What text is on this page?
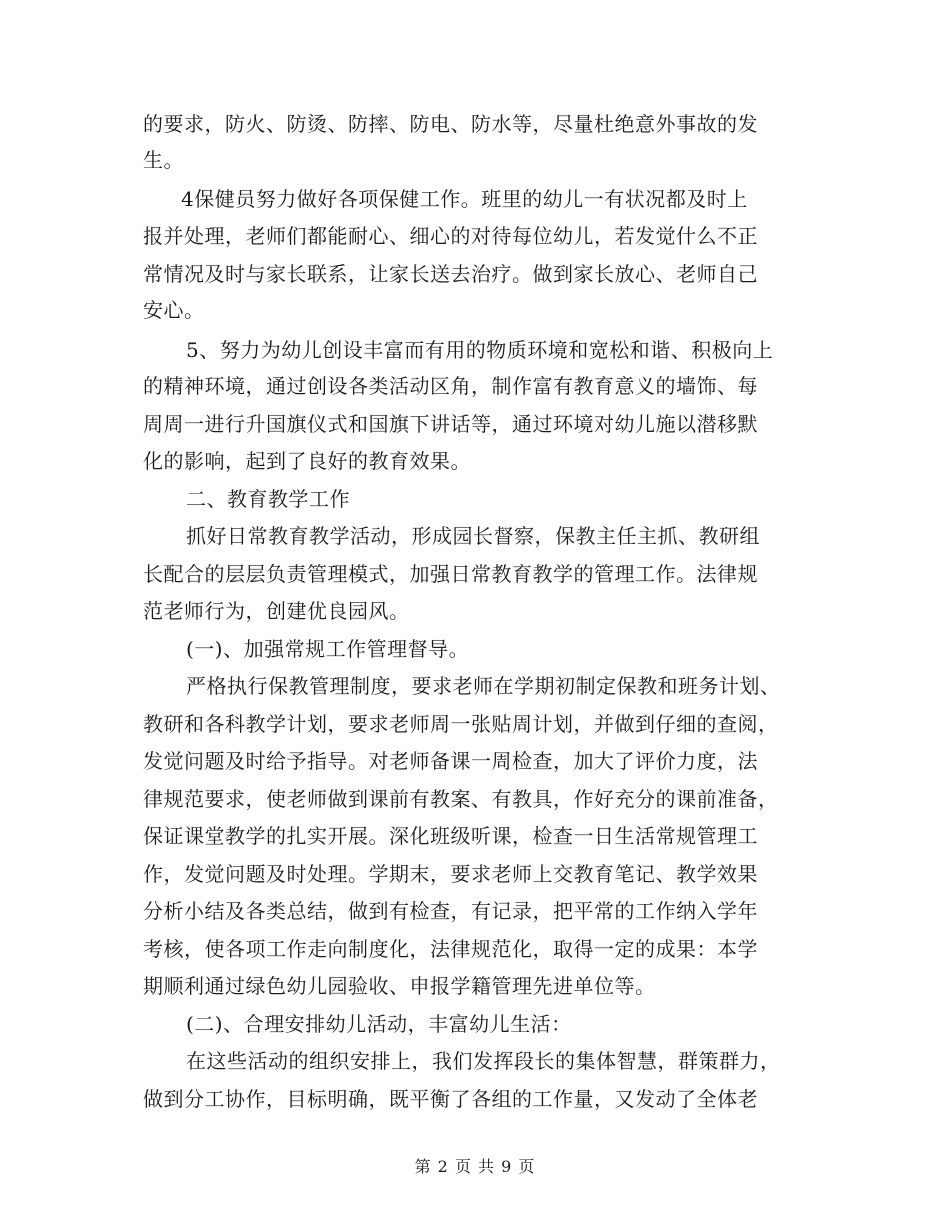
的要求，防火、防烫、防摔、防电、防水等，尽量杜绝意外事故的发
生。
4保健员努力做好各项保健工作。班里的幼儿一有状况都及时上
报并处理，老师们都能耐心、细心的对待每位幼儿，若发觉什么不正
常情况及时与家长联系，让家长送去治疗。做到家长放心、老师自己
安心。
5、努力为幼儿创设丰富而有用的物质环境和宽松和谐、积极向上
的精神环境，通过创设各类活动区角，制作富有教育意义的墙饰、每
周周一进行升国旗仪式和国旗下讲话等，通过环境对幼儿施以潜移默
化的影响，起到了良好的教育效果。
二、教育教学工作
抓好日常教育教学活动，形成园长督察，保教主任主抓、教研组
长配合的层层负责管理模式，加强日常教育教学的管理工作。法律规
范老师行为，创建优良园风。
(一)、加强常规工作管理督导。
严格执行保教管理制度，要求老师在学期初制定保教和班务计划、
教研和各科教学计划，要求老师周一张贴周计划，并做到仔细的查阅，
发觉问题及时给予指导。对老师备课一周检查，加大了评价力度，法
律规范要求，使老师做到课前有教案、有教具，作好充分的课前准备，
保证课堂教学的扎实开展。深化班级听课，检查一日生活常规管理工
作，发觉问题及时处理。学期末，要求老师上交教育笔记、教学效果
分析小结及各类总结，做到有检查，有记录，把平常的工作纳入学年
考核，使各项工作走向制度化，法律规范化，取得一定的成果：本学
期顺利通过绿色幼儿园验收、申报学籍管理先进单位等。
(二)、合理安排幼儿活动，丰富幼儿生活：
在这些活动的组织安排上，我们发挥段长的集体智慧，群策群力，
做到分工协作，目标明确，既平衡了各组的工作量，又发动了全体老
第 2 页 共 9 页
